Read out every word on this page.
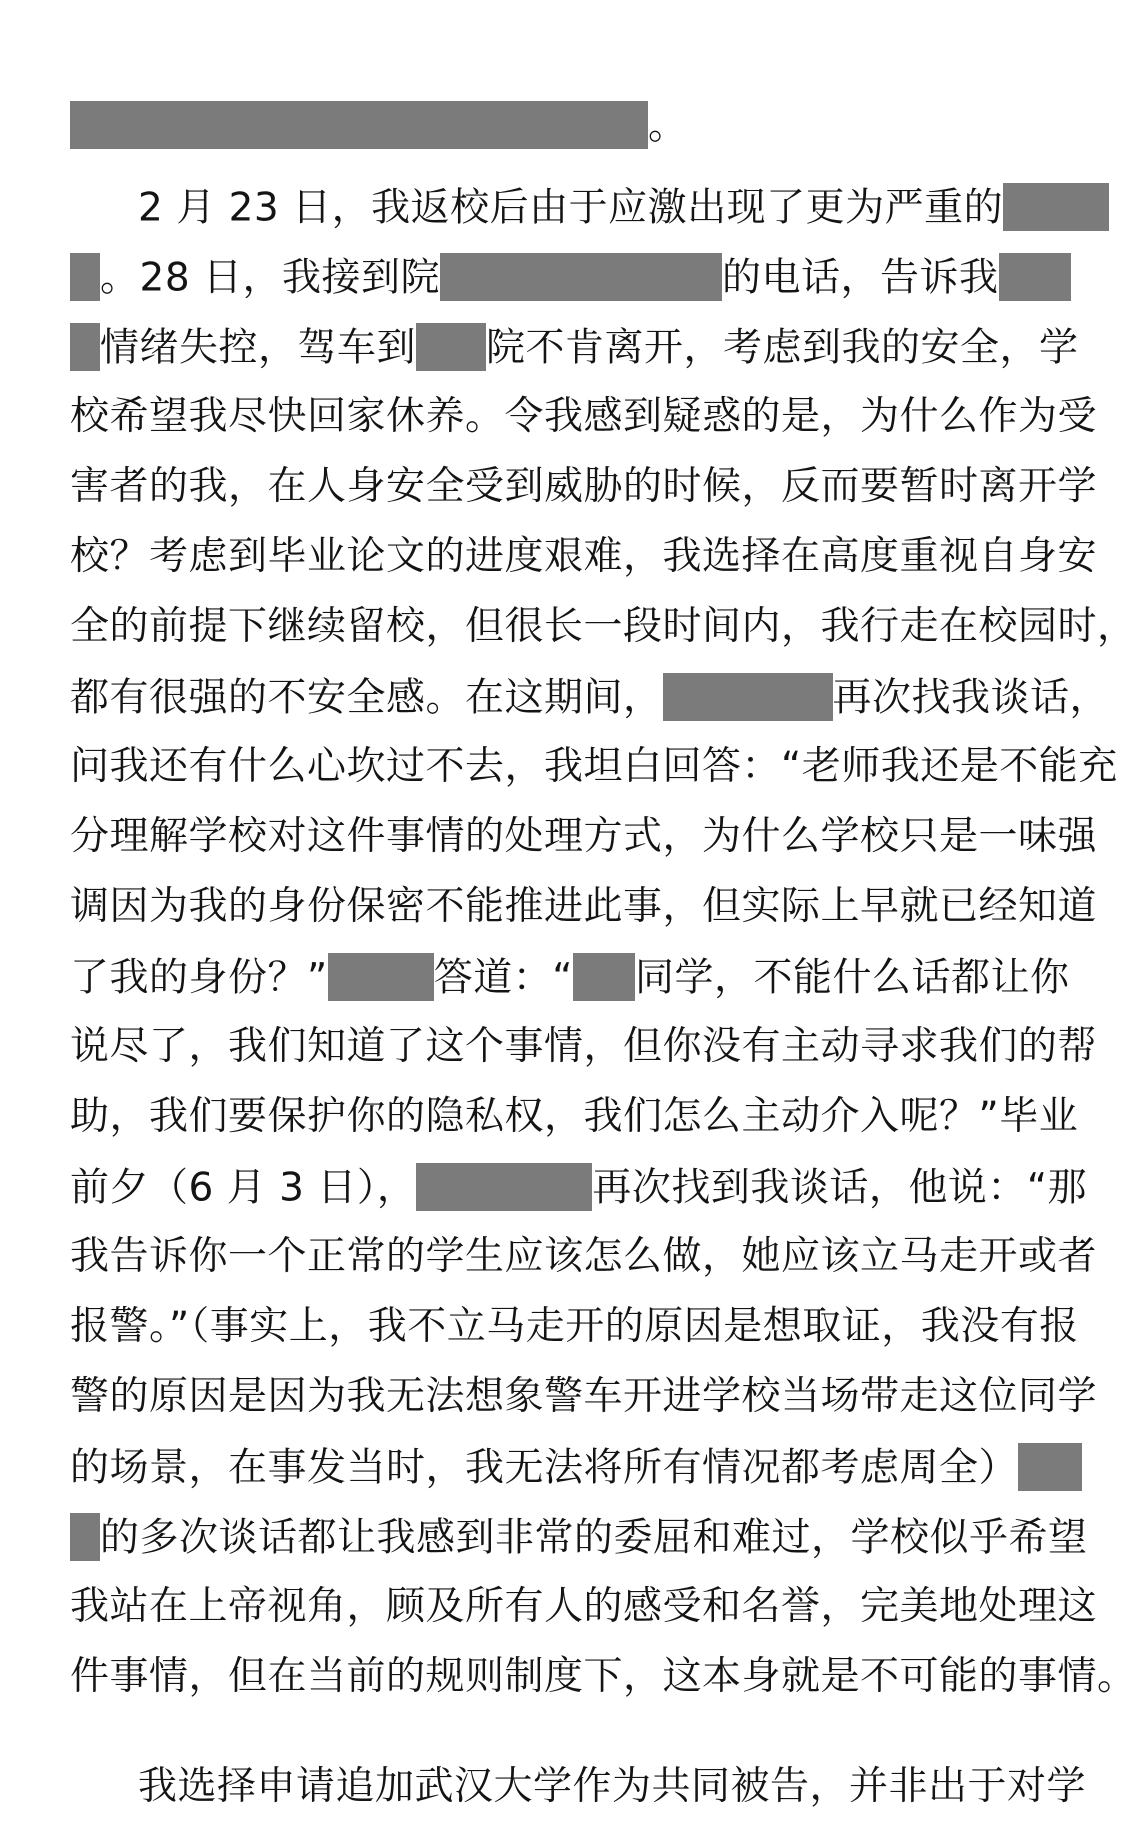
。
2 月 23 日，我返校后由于应激出现了更为严重的
。28 日，我接到院	的电话，告诉我
情绪失控，驾车到 院不肯离开，考虑到我的安全，学
校希望我尽快回家休养。令我感到疑惑的是，为什么作为受
害者的我，在人身安全受到威胁的时候，反而要暂时离开学
校？考虑到毕业论文的进度艰难，我选择在高度重视自身安
全的前提下继续留校，但很长一段时间内，我行走在校园时，
都有很强的不安全感。在这期间，	再次找我谈话，
问我还有什么心坎过不去，我坦白回答：“老师我还是不能充
分理解学校对这件事情的处理方式，为什么学校只是一味强
调因为我的身份保密不能推进此事，但实际上早就已经知道
了我的身份？”	答道：“ 同学，不能什么话都让你
说尽了，我们知道了这个事情，但你没有主动寻求我们的帮
助，我们要保护你的隐私权，我们怎么主动介入呢？”毕业
前夕（6 月 3 日），	再次找到我谈话，他说：“那
我告诉你一个正常的学生应该怎么做，她应该立马走开或者
报警。”（事实上，我不立马走开的原因是想取证，我没有报
警的原因是因为我无法想象警车开进学校当场带走这位同学
的场景，在事发当时，我无法将所有情况都考虑周全）
的多次谈话都让我感到非常的委屈和难过，学校似乎希望
我站在上帝视角，顾及所有人的感受和名誉，完美地处理这
件事情，但在当前的规则制度下，这本身就是不可能的事情。
我选择申请追加武汉大学作为共同被告，并非出于对学
